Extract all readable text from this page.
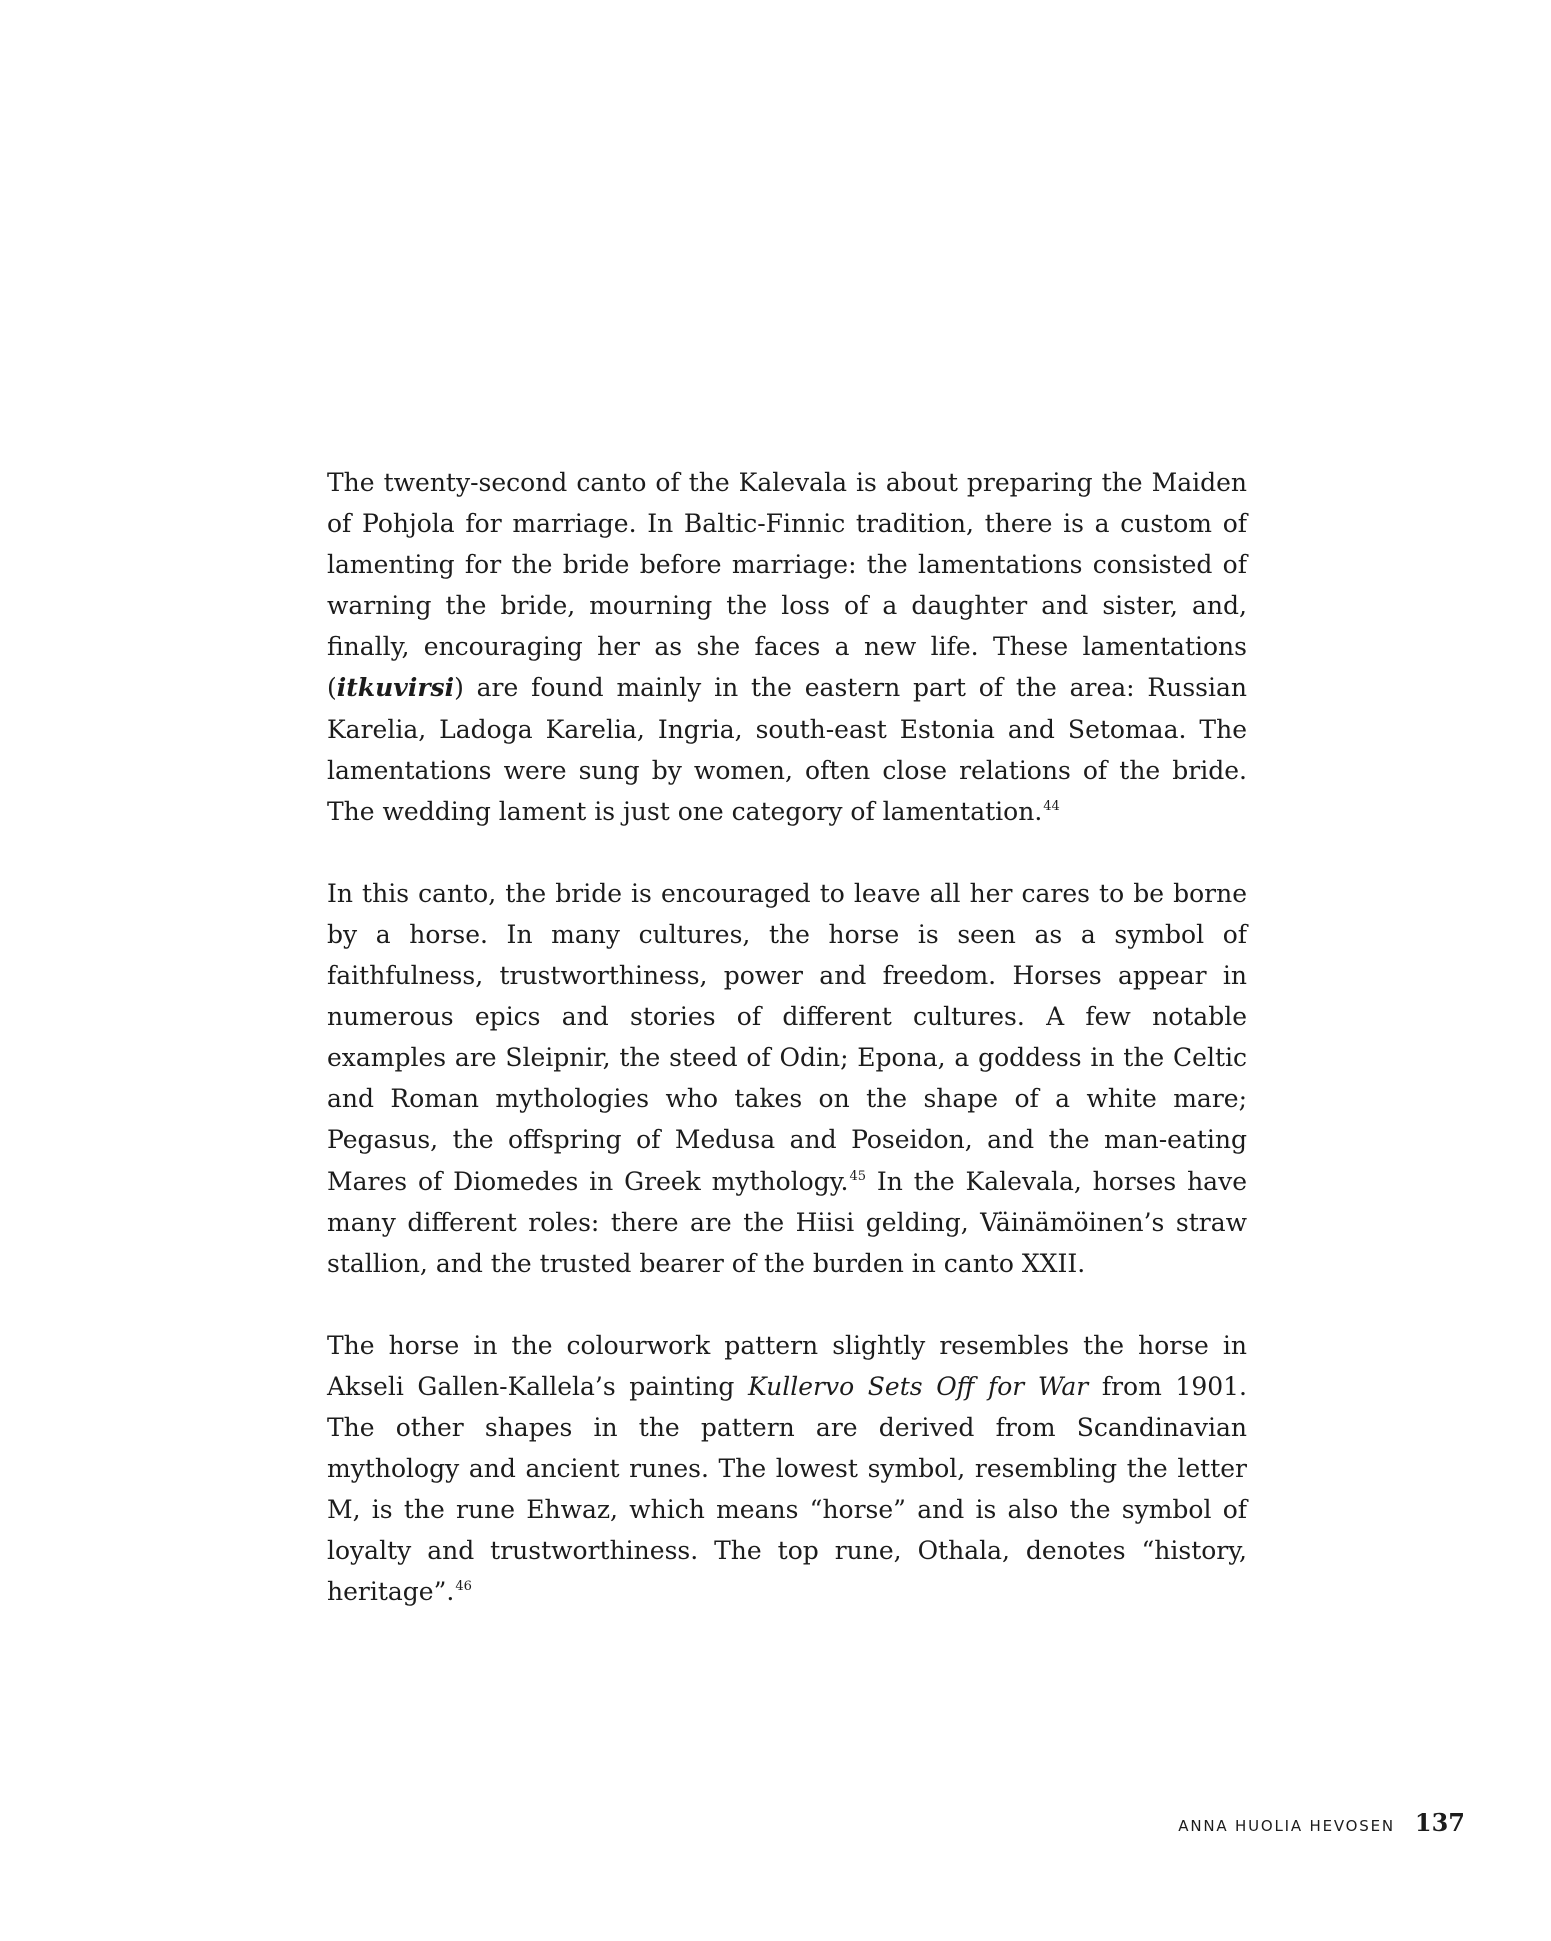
The twenty-second canto of the Kalevala is about preparing the Maiden of Pohjola for marriage. In Baltic-Finnic tradition, there is a custom of lamenting for the bride before marriage: the lamentations consisted of warning the bride, mourning the loss of a daughter and sister, and, finally, encouraging her as she faces a new life. These lamentations (itkuvirsi) are found mainly in the eastern part of the area: Russian Karelia, Ladoga Karelia, Ingria, south-east Estonia and Setomaa. The lamentations were sung by women, often close relations of the bride. The wedding lament is just one category of lamentation.$^{44}$

In this canto, the bride is encouraged to leave all her cares to be borne by a horse. In many cultures, the horse is seen as a symbol of faithfulness, trustworthiness, power and freedom. Horses appear in numerous epics and stories of different cultures. A few notable examples are Sleipnir, the steed of Odin; Epona, a goddess in the Celtic and Roman mythologies who takes on the shape of a white mare; Pegasus, the offspring of Medusa and Poseidon, and the man-eating Mares of Diomedes in Greek mythology.$^{45}$ In the Kalevala, horses have many different roles: there are the Hiisi gelding, Väinämöinen’s straw stallion, and the trusted bearer of the burden in canto XXII.

The horse in the colourwork pattern slightly resembles the horse in Akseli Gallen-Kallela’s painting Kullervo Sets Off for War from 1901. The other shapes in the pattern are derived from Scandinavian mythology and ancient runes. The lowest symbol, resembling the letter M, is the rune Ehwaz, which means “horse” and is also the symbol of loyalty and trustworthiness. The top rune, Othala, denotes “history, heritage”.$^{46}$

ANNA HUOLIA HEVOSEN 137
